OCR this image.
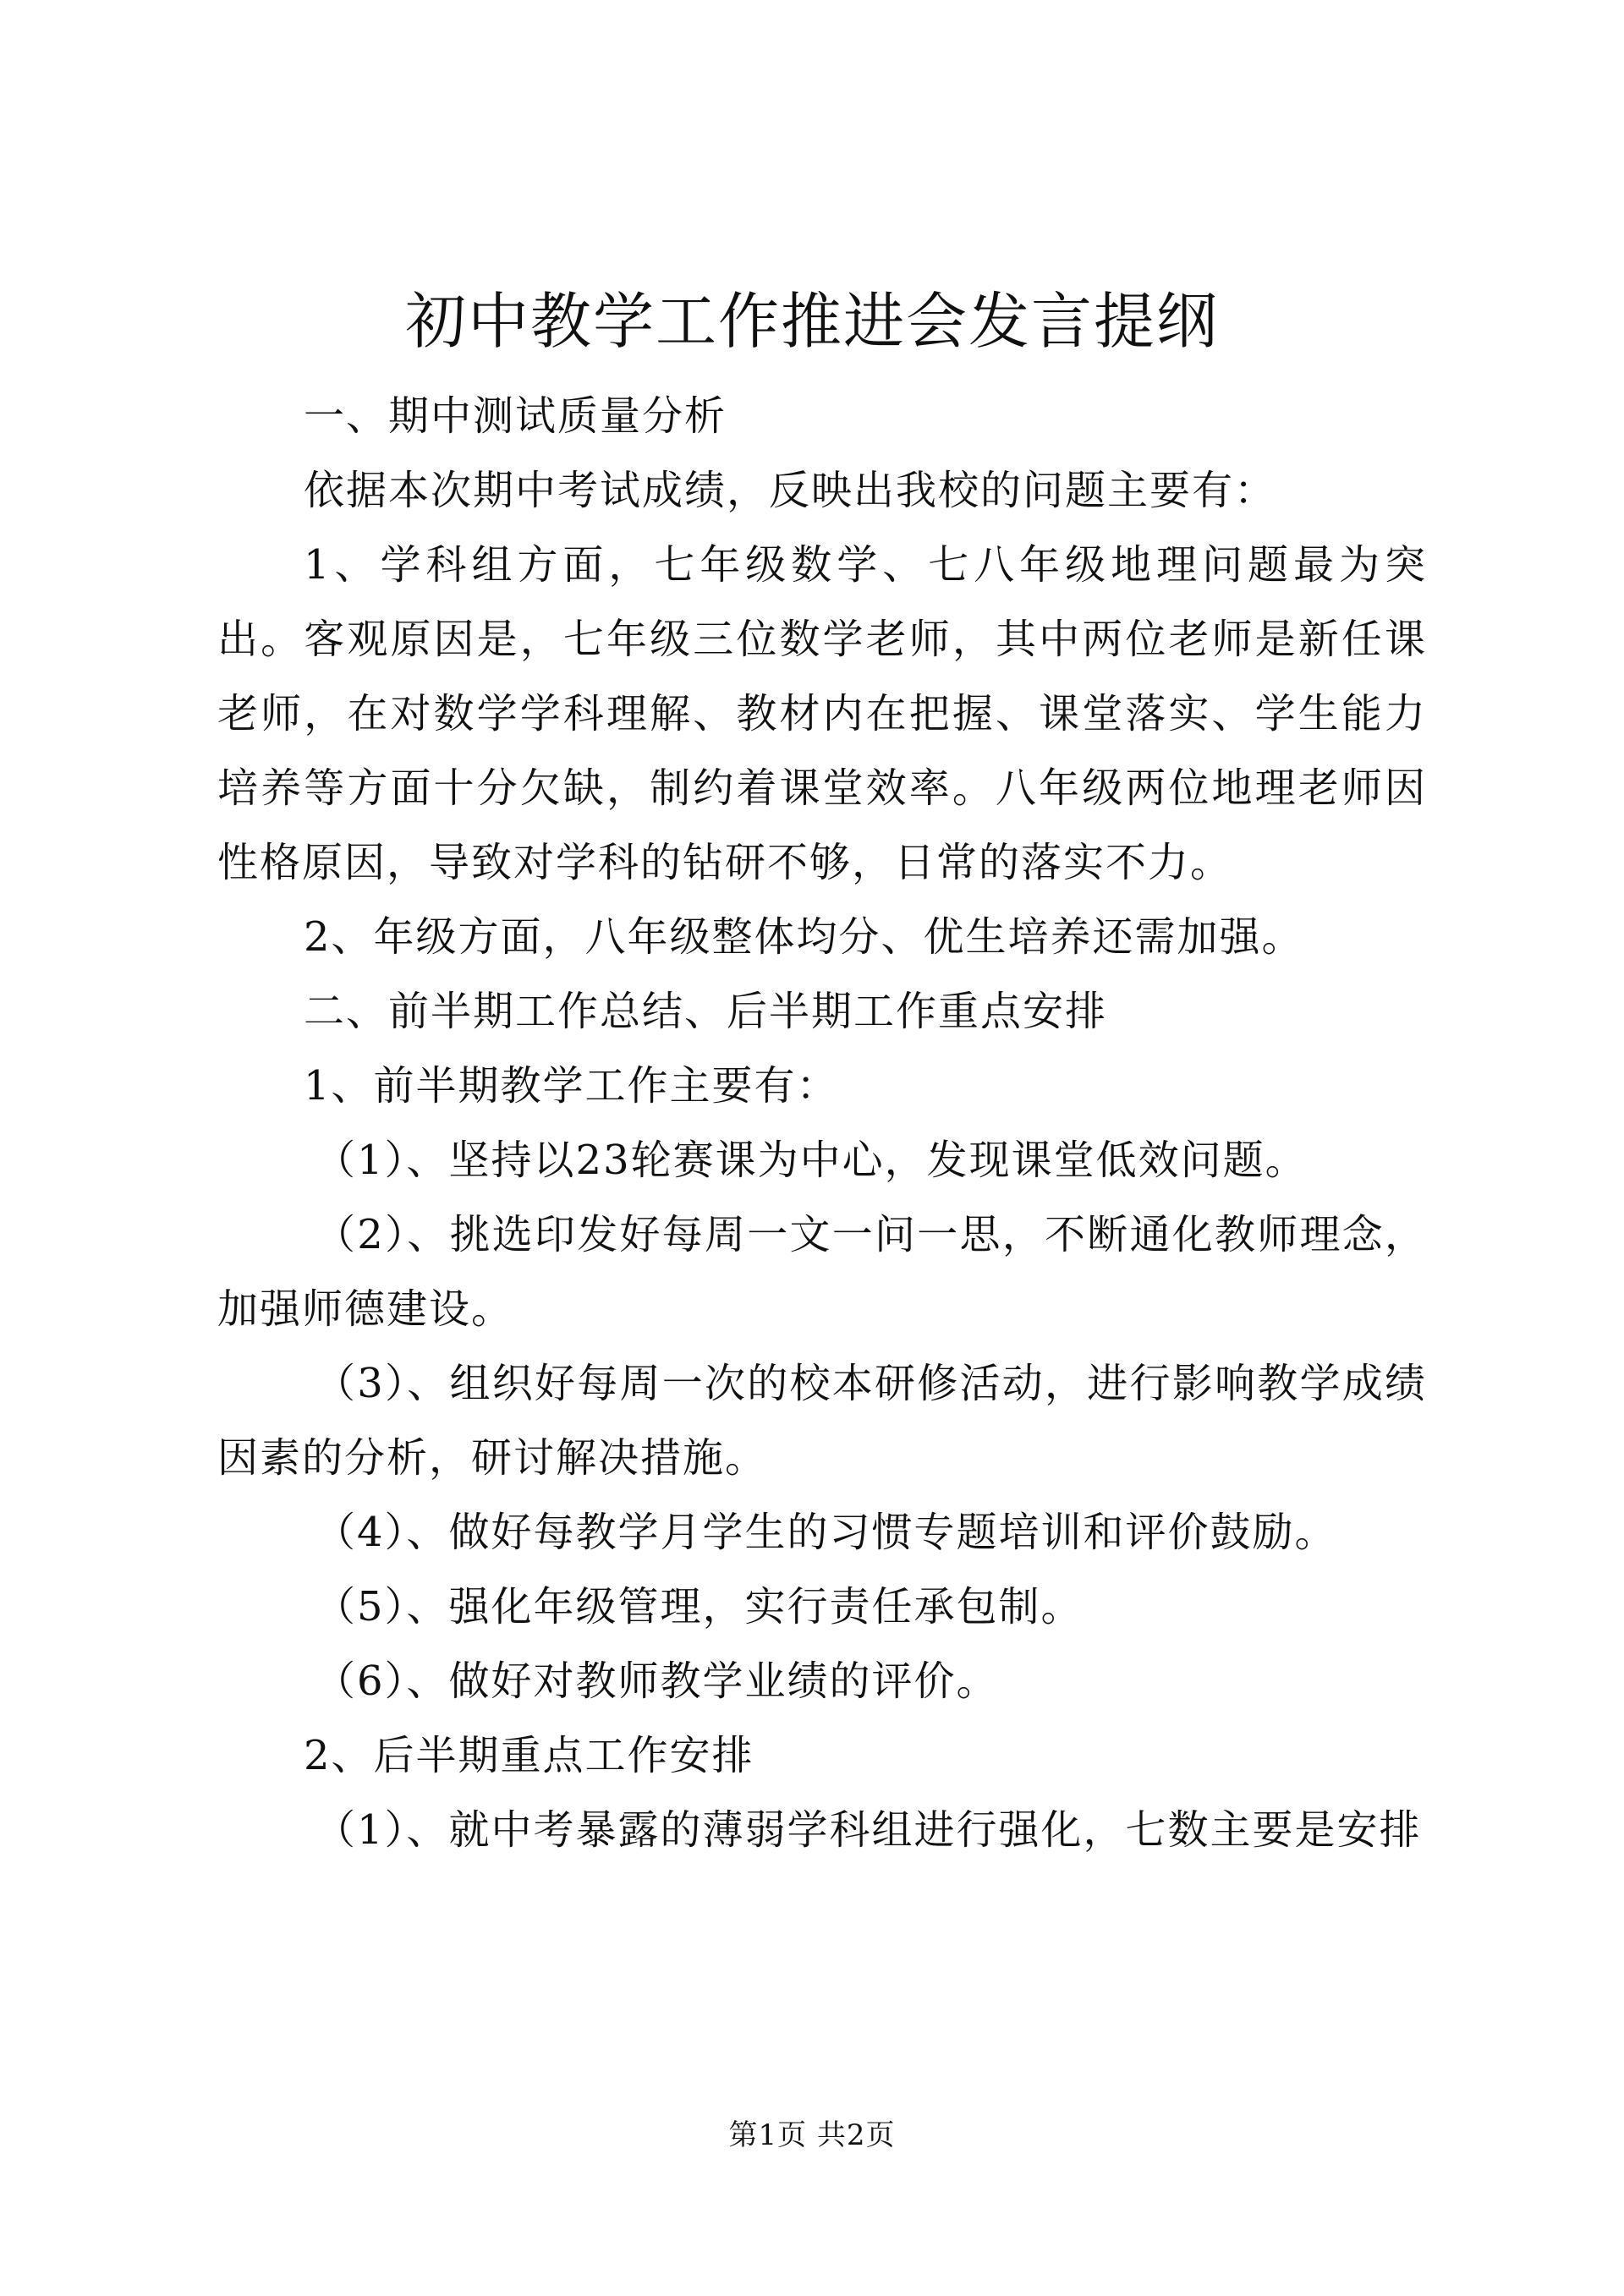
初中教学工作推进会发言提纲

一、期中测试质量分析

依据本次期中考试成绩，反映出我校的问题主要有：

1、学科组方面，七年级数学、七八年级地理问题最为突出。客观原因是，七年级三位数学老师，其中两位老师是新任课老师，在对数学学科理解、教材内在把握、课堂落实、学生能力培养等方面十分欠缺，制约着课堂效率。八年级两位地理老师因性格原因，导致对学科的钻研不够，日常的落实不力。

2、年级方面，八年级整体均分、优生培养还需加强。

二、前半期工作总结、后半期工作重点安排

1、前半期教学工作主要有：

（1）、坚持以23轮赛课为中心，发现课堂低效问题。

（2）、挑选印发好每周一文一问一思，不断通化教师理念，加强师德建设。

（3）、组织好每周一次的校本研修活动，进行影响教学成绩因素的分析，研讨解决措施。

（4）、做好每教学月学生的习惯专题培训和评价鼓励。

（5）、强化年级管理，实行责任承包制。

（6）、做好对教师教学业绩的评价。

2、后半期重点工作安排

（1）、就中考暴露的薄弱学科组进行强化，七数主要是安排

第1页 共2页
